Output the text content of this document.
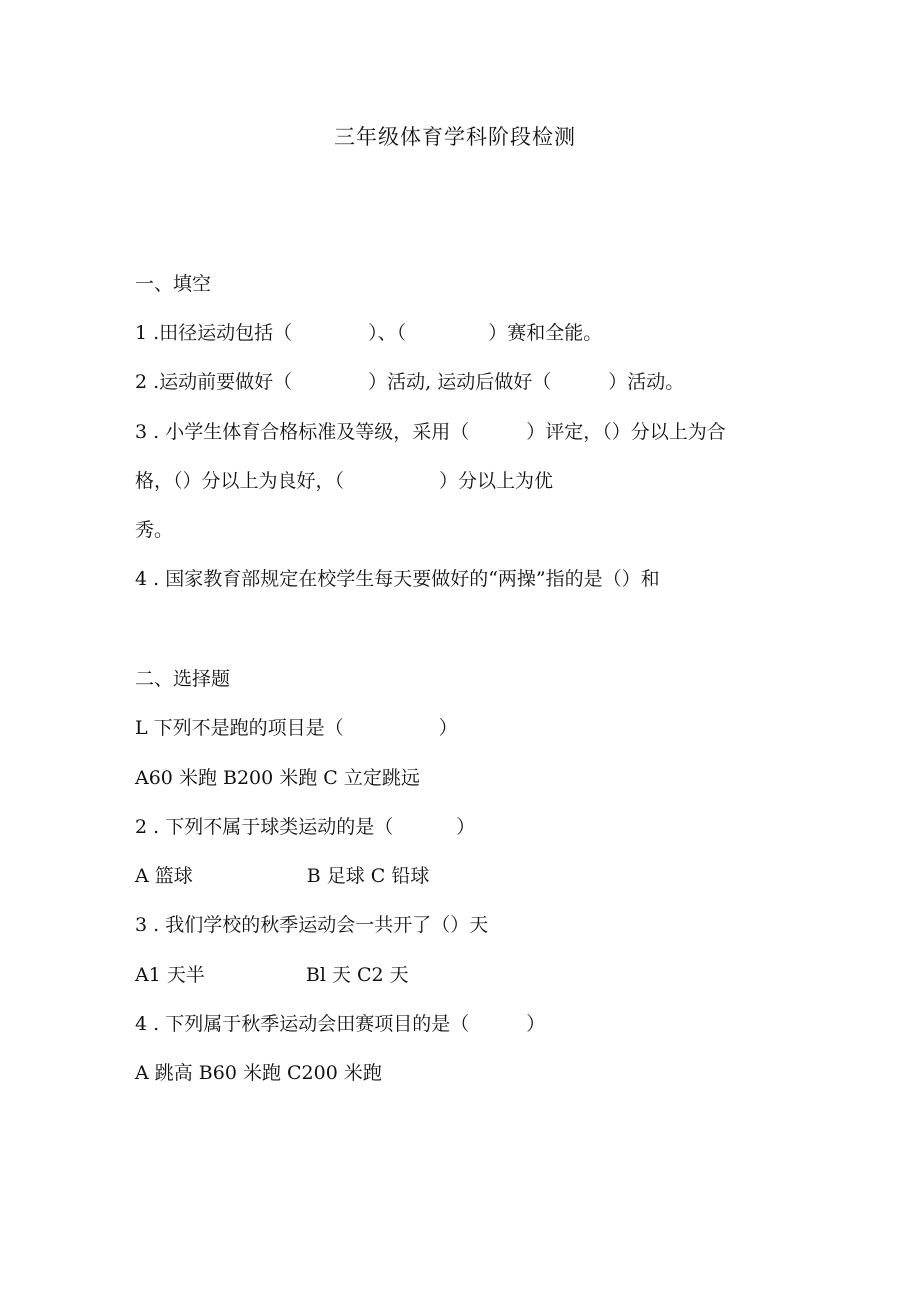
三年级体育学科阶段检测
一、填空
1 .田径运动包括（　　　　）、（　　　　 ）赛和全能。
2 .运动前要做好（　　　　）活动, 运动后做好（　　　）活动。
3 . 小学生体育合格标准及等级，采用（　　　）评定，（）分以上为合
格，（）分以上为良好，（　　　　　）分以上为优
秀。
4 . 国家教育部规定在校学生每天要做好的“两操”指的是（）和
二、选择题
L 下列不是跑的项目是（　　　　　）
A60 米跑 B200 米跑 C 立定跳远
2 . 下列不属于球类运动的是（　　　 ）
A 篮球　　　　　　B 足球 C 铅球
3 . 我们学校的秋季运动会一共开了（）天
A1 天半　　　　　 Bl 天 C2 天
4 . 下列属于秋季运动会田赛项目的是（　　　）
A 跳高 B60 米跑 C200 米跑
